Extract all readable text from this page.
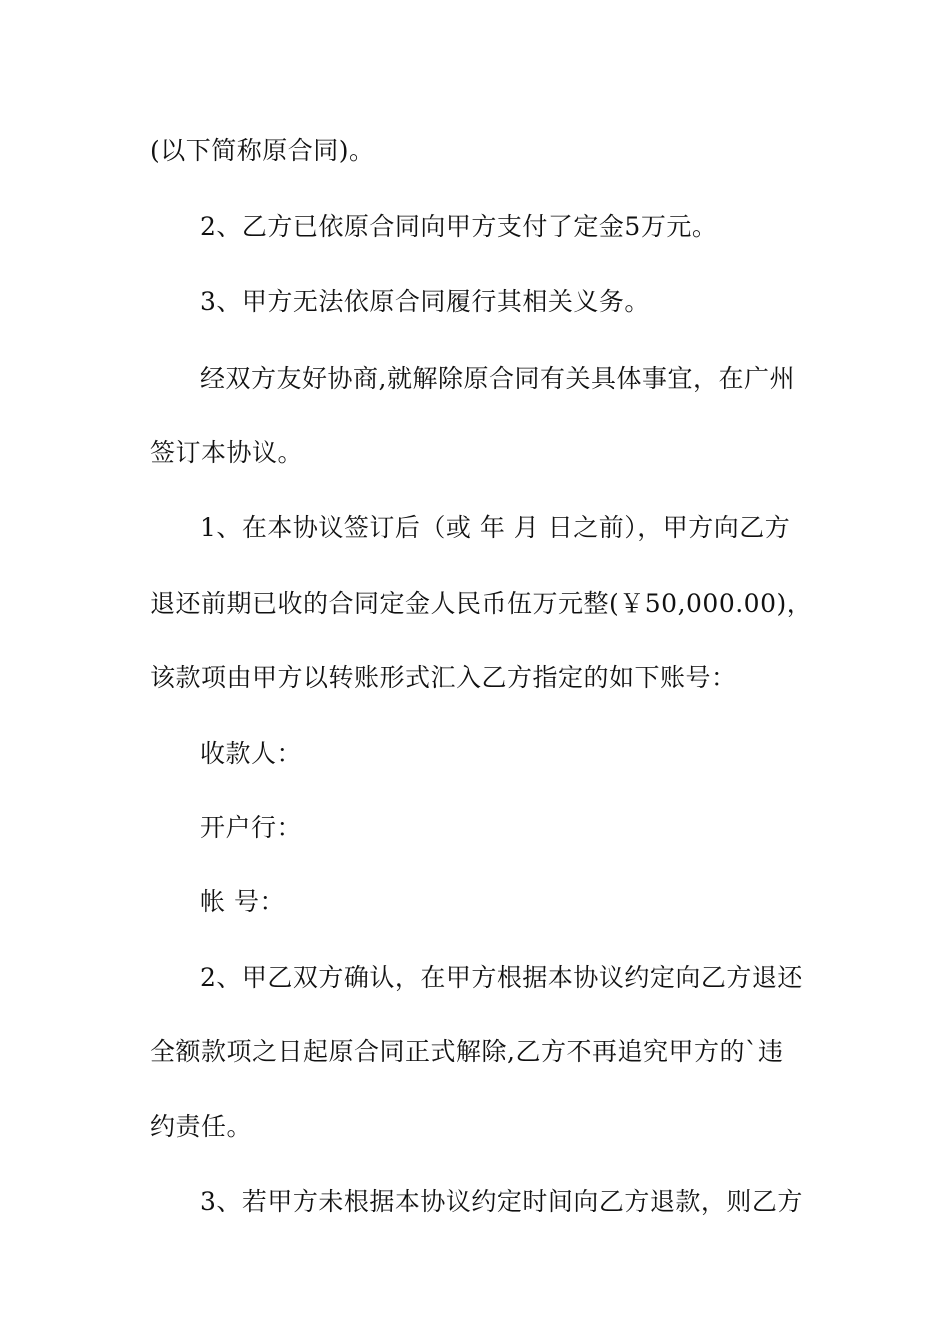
(以下简称原合同)。
2、乙方已依原合同向甲方支付了定金5万元。
3、甲方无法依原合同履行其相关义务。
经双方友好协商,就解除原合同有关具体事宜，在广州
签订本协议。
1、在本协议签订后（或 年 月 日之前），甲方向乙方
退还前期已收的合同定金人民币伍万元整(￥50,000.00)，
该款项由甲方以转账形式汇入乙方指定的如下账号：
收款人：
开户行：
帐 号：
2、甲乙双方确认，在甲方根据本协议约定向乙方退还
全额款项之日起原合同正式解除,乙方不再追究甲方的`违
约责任。
3、若甲方未根据本协议约定时间向乙方退款，则乙方
